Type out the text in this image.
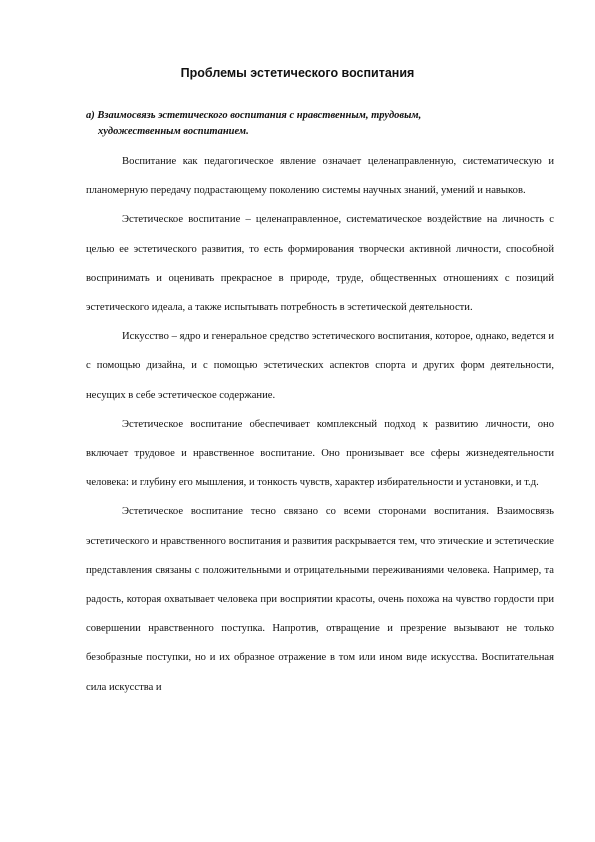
Проблемы эстетического воспитания
а) Взаимосвязь эстетического воспитания с нравственным, трудовым,
художественным воспитанием.

Воспитание как педагогическое явление означает целенаправленную, систематическую и планомерную передачу подрастающему поколению системы научных знаний, умений и навыков.

Эстетическое воспитание – целенаправленное, систематическое воздействие на личность с целью ее эстетического развития, то есть формирования творчески активной личности, способной воспринимать и оценивать прекрасное в природе, труде, общественных отношениях с позиций эстетического идеала, а также испытывать потребность в эстетической деятельности.

Искусство – ядро и генеральное средство эстетического воспитания, которое, однако, ведется и с помощью дизайна, и с помощью эстетических аспектов спорта и других форм деятельности, несущих в себе эстетическое содержание.

Эстетическое воспитание обеспечивает комплексный подход к развитию личности, оно включает трудовое и нравственное воспитание. Оно пронизывает все сферы жизнедеятельности человека: и глубину его мышления, и тонкость чувств, характер избирательности и установки, и т.д.

Эстетическое воспитание тесно связано со всеми сторонами воспитания. Взаимосвязь эстетического и нравственного воспитания и развития раскрывается тем, что этические и эстетические представления связаны с положительными и отрицательными переживаниями человека. Например, та радость, которая охватывает человека при восприятии красоты, очень похожа на чувство гордости при совершении нравственного поступка. Напротив, отвращение и презрение вызывают не только безобразные поступки, но и их образное отражение в том или ином виде искусства. Воспитательная сила искусства и
